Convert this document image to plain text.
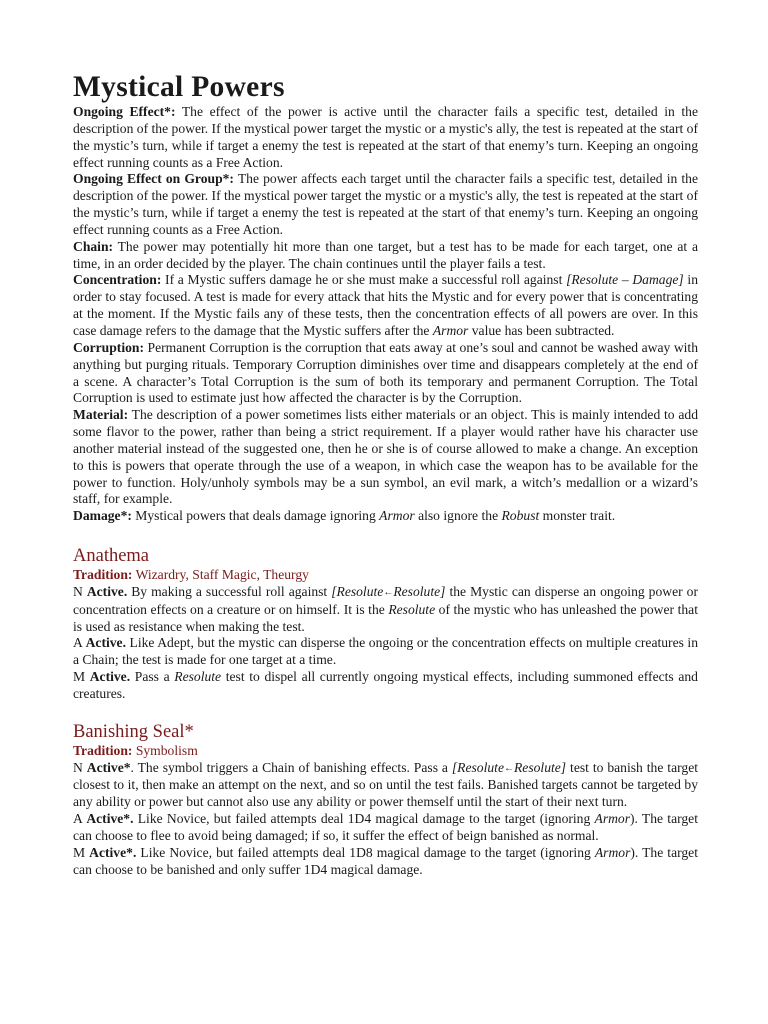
Mystical Powers

Ongoing Effect*: The effect of the power is active until the character fails a specific test, detailed in the description of the power. If the mystical power target the mystic or a mystic's ally, the test is repeated at the start of the mystic’s turn, while if target a enemy the test is repeated at the start of that enemy’s turn. Keeping an ongoing effect running counts as a Free Action.

Ongoing Effect on Group*: The power affects each target until the character fails a specific test, detailed in the description of the power. If the mystical power target the mystic or a mystic's ally, the test is repeated at the start of the mystic’s turn, while if target a enemy the test is repeated at the start of that enemy’s turn. Keeping an ongoing effect running counts as a Free Action.

Chain: The power may potentially hit more than one target, but a test has to be made for each target, one at a time, in an order decided by the player. The chain continues until the player fails a test.

Concentration: If a Mystic suffers damage he or she must make a successful roll against [Resolute – Damage] in order to stay focused. A test is made for every attack that hits the Mystic and for every power that is concentrating at the moment. If the Mystic fails any of these tests, then the concentration effects of all powers are over. In this case damage refers to the damage that the Mystic suffers after the Armor value has been subtracted.

Corruption: Permanent Corruption is the corruption that eats away at one’s soul and cannot be washed away with anything but purging rituals. Temporary Corruption diminishes over time and disappears completely at the end of a scene. A character’s Total Corruption is the sum of both its temporary and permanent Corruption. The Total Corruption is used to estimate just how affected the character is by the Corruption.

Material: The description of a power sometimes lists either materials or an object. This is mainly intended to add some flavor to the power, rather than being a strict requirement. If a player would rather have his character use another material instead of the suggested one, then he or she is of course allowed to make a change. An exception to this is powers that operate through the use of a weapon, in which case the weapon has to be available for the power to function. Holy/unholy symbols may be a sun symbol, an evil mark, a witch’s medallion or a wizard’s staff, for example.

Damage*: Mystical powers that deals damage ignoring Armor also ignore the Robust monster trait.

Anathema

Tradition: Wizardry, Staff Magic, Theurgy

N Active. By making a successful roll against [Resolute←Resolute] the Mystic can disperse an ongoing power or concentration effects on a creature or on himself. It is the Resolute of the mystic who has unleashed the power that is used as resistance when making the test.

A Active. Like Adept, but the mystic can disperse the ongoing or the concentration effects on multiple creatures in a Chain; the test is made for one target at a time.

M Active. Pass a Resolute test to dispel all currently ongoing mystical effects, including summoned effects and creatures.

Banishing Seal*

Tradition: Symbolism

N Active*. The symbol triggers a Chain of banishing effects. Pass a [Resolute←Resolute] test to banish the target closest to it, then make an attempt on the next, and so on until the test fails. Banished targets cannot be targeted by any ability or power but cannot also use any ability or power themself until the start of their next turn.

A Active*. Like Novice, but failed attempts deal 1D4 magical damage to the target (ignoring Armor). The target can choose to flee to avoid being damaged; if so, it suffer the effect of beign banished as normal.

M Active*. Like Novice, but failed attempts deal 1D8 magical damage to the target (ignoring Armor). The target can choose to be banished and only suffer 1D4 magical damage.
